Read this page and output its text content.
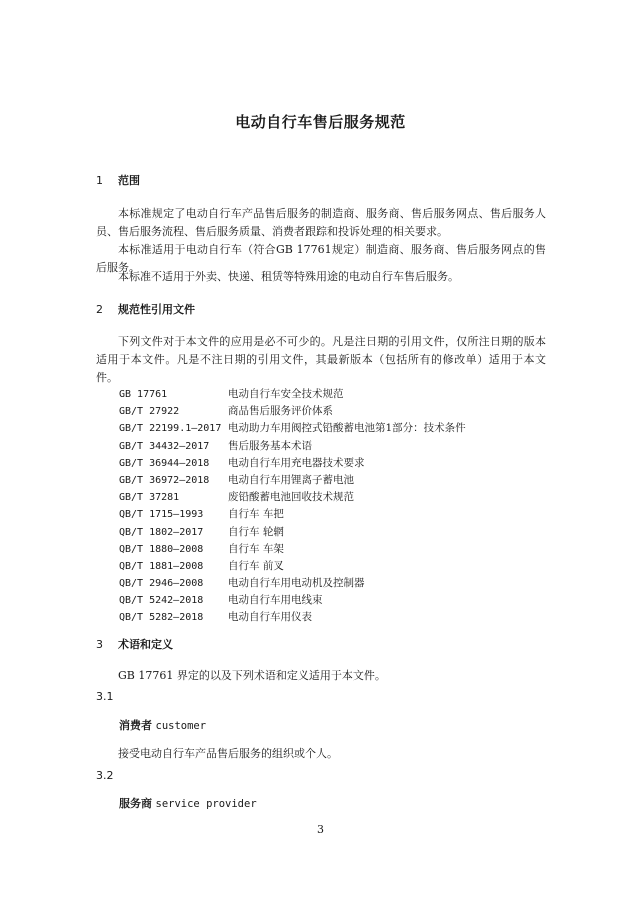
电动自行车售后服务规范
1 范围
本标准规定了电动自行车产品售后服务的制造商、服务商、售后服务网点、售后服务人员、售后服务流程、售后服务质量、消费者跟踪和投诉处理的相关要求。
本标准适用于电动自行车（符合GB 17761规定）制造商、服务商、售后服务网点的售后服务。
本标准不适用于外卖、快递、租赁等特殊用途的电动自行车售后服务。
2 规范性引用文件
下列文件对于本文件的应用是必不可少的。凡是注日期的引用文件，仅所注日期的版本适用于本文件。凡是不注日期的引用文件，其最新版本（包括所有的修改单）适用于本文件。
GB 17761	电动自行车安全技术规范
GB/T 27922	商品售后服务评价体系
GB/T 22199.1—2017 电动助力车用阀控式铅酸蓄电池第1部分：技术条件
GB/T 34432—2017 售后服务基本术语
GB/T 36944—2018 电动自行车用充电器技术要求
GB/T 36972—2018 电动自行车用锂离子蓄电池
GB/T 37281	废铅酸蓄电池回收技术规范
QB/T 1715—1993 自行车 车把
QB/T 1802—2017 自行车 轮辋
QB/T 1880—2008 自行车 车架
QB/T 1881—2008 自行车 前叉
QB/T 2946—2008 电动自行车用电动机及控制器
QB/T 5242—2018 电动自行车用电线束
QB/T 5282—2018 电动自行车用仪表
3 术语和定义
GB 17761 界定的以及下列术语和定义适用于本文件。
3.1
消费者 customer
接受电动自行车产品售后服务的组织或个人。
3.2
服务商 service provider
3
